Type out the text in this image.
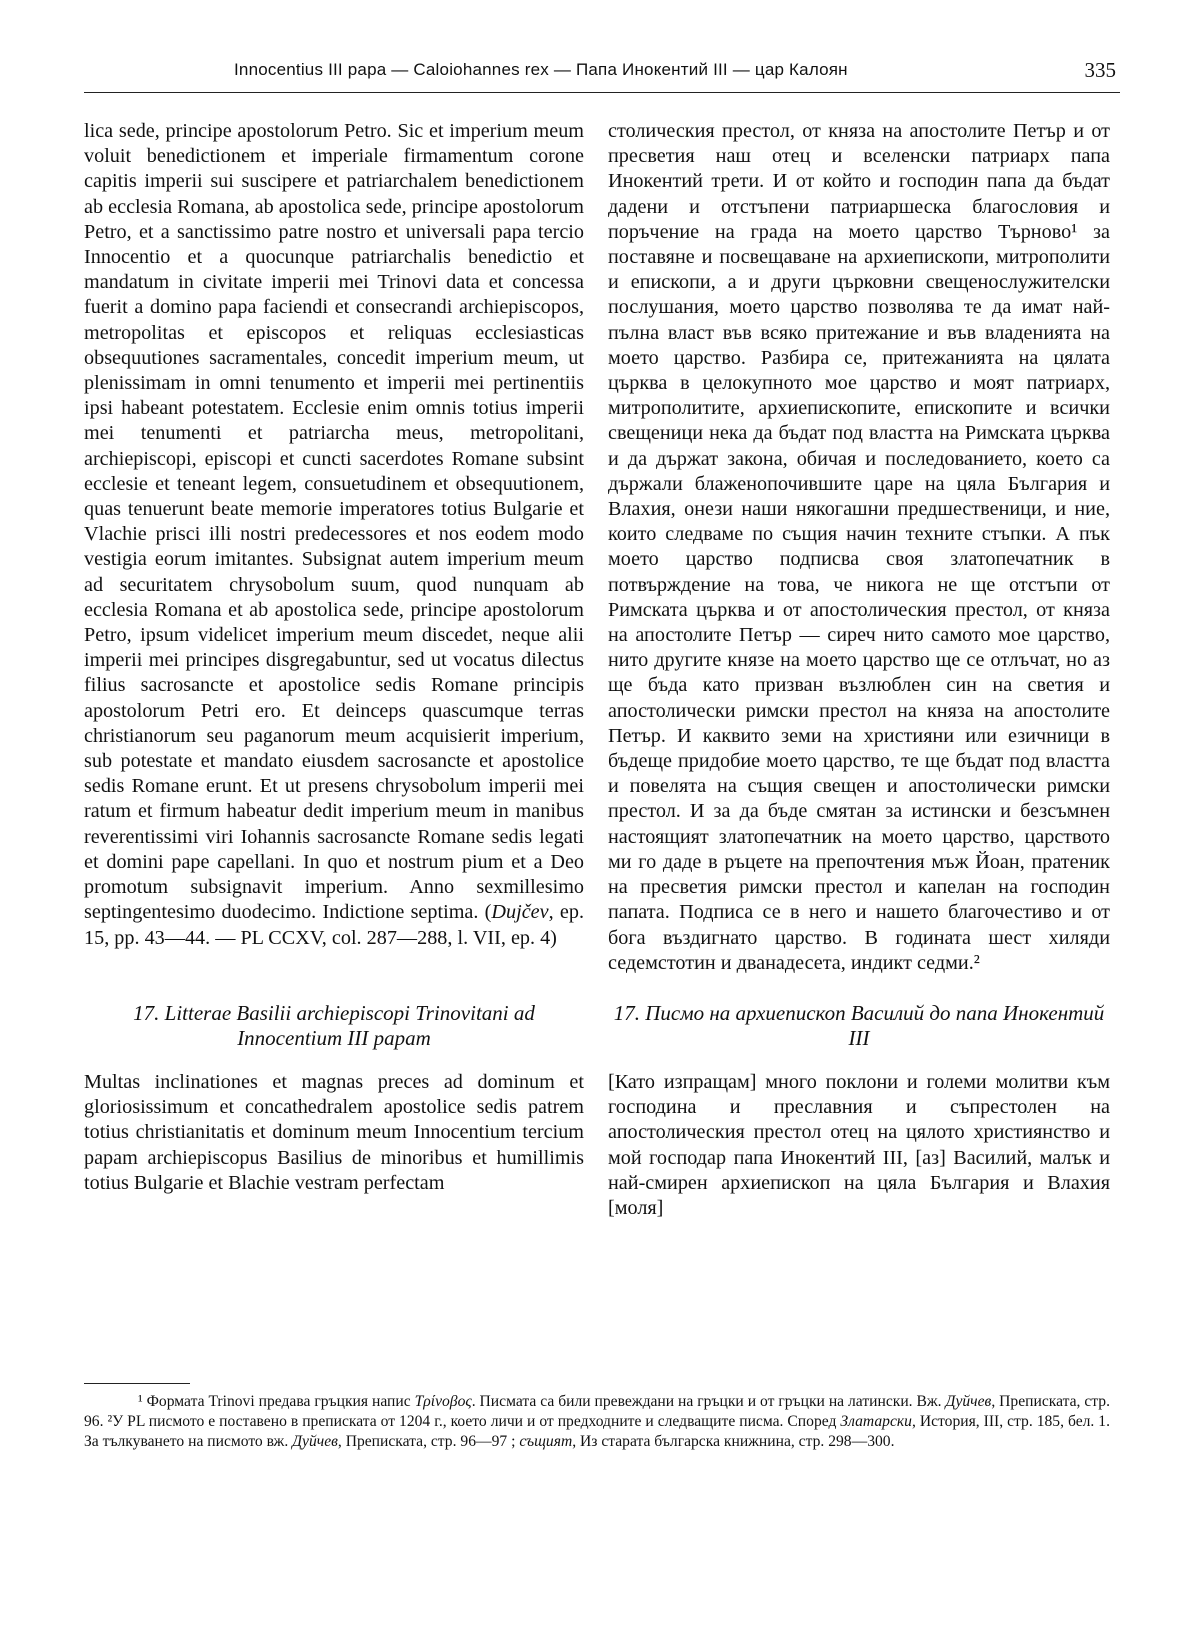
Innocentius III papa — Caloiohannes rex — Папа Инокентий III — цар Калоян	335
lica sede, principe apostolorum Petro. Sic et imperium meum voluit benedictionem et imperiale firmamentum corone capitis imperii sui suscipere et patriarchalem benedictionem ab ecclesia Romana, ab apostolica sede, principe apostolorum Petro, et a sanctissimo patre nostro et universali papa tercio Innocentio et a quocunque patriarchalis benedictio et mandatum in civitate imperii mei Trinovi data et concessa fuerit a domino papa faciendi et consecrandi archiepiscopos, metropolitas et episcopos et reliquas ecclesiasticas obsequutiones sacramentales, concedit imperium meum, ut plenissimam in omni tenumento et imperii mei pertinentiis ipsi habeant potestatem. Ecclesie enim omnis totius imperii mei tenumenti et patriarcha meus, metropolitani, archiepiscopi, episcopi et cuncti sacerdotes Romane subsint ecclesie et teneant legem, consuetudinem et obsequutionem, quas tenuerunt beate memorie imperatores totius Bulgarie et Vlachie prisci illi nostri predecessores et nos eodem modo vestigia eorum imitantes. Subsignat autem imperium meum ad securitatem chrysobolum suum, quod nunquam ab ecclesia Romana et ab apostolica sede, principe apostolorum Petro, ipsum videlicet imperium meum discedet, neque alii imperii mei principes disgregabuntur, sed ut vocatus dilectus filius sacrosancte et apostolice sedis Romane principis apostolorum Petri ero. Et deinceps quascumque terras christianorum seu paganorum meum acquisierit imperium, sub potestate et mandato eiusdem sacrosancte et apostolice sedis Romane erunt. Et ut presens chrysobolum imperii mei ratum et firmum habeatur dedit imperium meum in manibus reverentissimi viri Iohannis sacrosancte Romane sedis legati et domini pape capellani. In quo et nostrum pium et a Deo promotum subsignavit imperium. Anno sexmillesimo septingentesimo duodecimo. Indictione septima. (Dujčev, ep. 15, pp. 43—44. — PL CCXV, col. 287—288, l. VII, ep. 4)
столическия престол, от княза на апостолите Петър и от пресветия наш отец и вселенски патриарх папа Инокентий трети. И от който и господин папа да бъдат дадени и отстъпени патриаршеска благословия и поръчение на града на моето царство Търново¹ за поставяне и посвещаване на архиепископи, митрополити и епископи, а и други църковни свещенослужителски послушания, моето царство позволява те да имат най-пълна власт във всяко притежание и във владенията на моето царство. Разбира се, притежанията на цялата църква в целокупното мое царство и моят патриарх, митрополитите, архиепископите, епископите и всички свещеници нека да бъдат под властта на Римската църква и да държат закона, обичая и последованието, което са държали блаженопочившите царе на цяла България и Влахия, онези наши някогашни предшественици, и ние, които следваме по същия начин техните стъпки. А пък моето царство подписва своя златопечатник в потвърждение на това, че никога не ще отстъпи от Римската църква и от апостолическия престол, от княза на апостолите Петър — сиреч нито самото мое царство, нито другите князе на моето царство ще се отлъчат, но аз ще бъда като призван възлюблен син на светия и апостолически римски престол на княза на апостолите Петър. И каквито земи на християни или езичници в бъдеще придобие моето царство, те ще бъдат под властта и повелята на същия свещен и апостолически римски престол. И за да бъде смятан за истински и безсъмнен настоящият златопечатник на моето царство, царството ми го даде в ръцете на препочтения мъж Йоан, пратеник на пресветия римски престол и капелан на господин папата. Подписа се в него и нашето благочестиво и от бога въздигнато царство. В годината шест хиляди седемстотин и дванадесета, индикт седми.²
17. Litterae Basilii archiepiscopi Trinovitani ad Innocentium III papam
17. Писмо на архиепископ Василий до папа Инокентий III
Multas inclinationes et magnas preces ad dominum et gloriosissimum et concathedralem apostolice sedis patrem totius christianitatis et dominum meum Innocentium tercium papam archiepiscopus Basilius de minoribus et humillimis totius Bulgarie et Blachie vestram perfectam
[Като изпращам] много поклони и големи молитви към господина и преславния и съпрестолен на апостолическия престол отец на цялото християнство и мой господар папа Инокентий III, [аз] Василий, малък и най-смирен архиепископ на цяла България и Влахия [моля]

¹ Формата Trinovi предава гръцкия напис Τρίνοβος. Писмата са били превеждани на гръцки и от гръцки на латински. Вж. Дуйчев, Преписката, стр. 96. ²У PL писмото е поставено в преписката от 1204 г., което личи и от предходните и следващите писма. Според Златарски, История, III, стр. 185, бел. 1. За тълкуването на писмото вж. Дуйчев, Преписката, стр. 96—97 ; същият, Из старата българска книжнина, стр. 298—300.
